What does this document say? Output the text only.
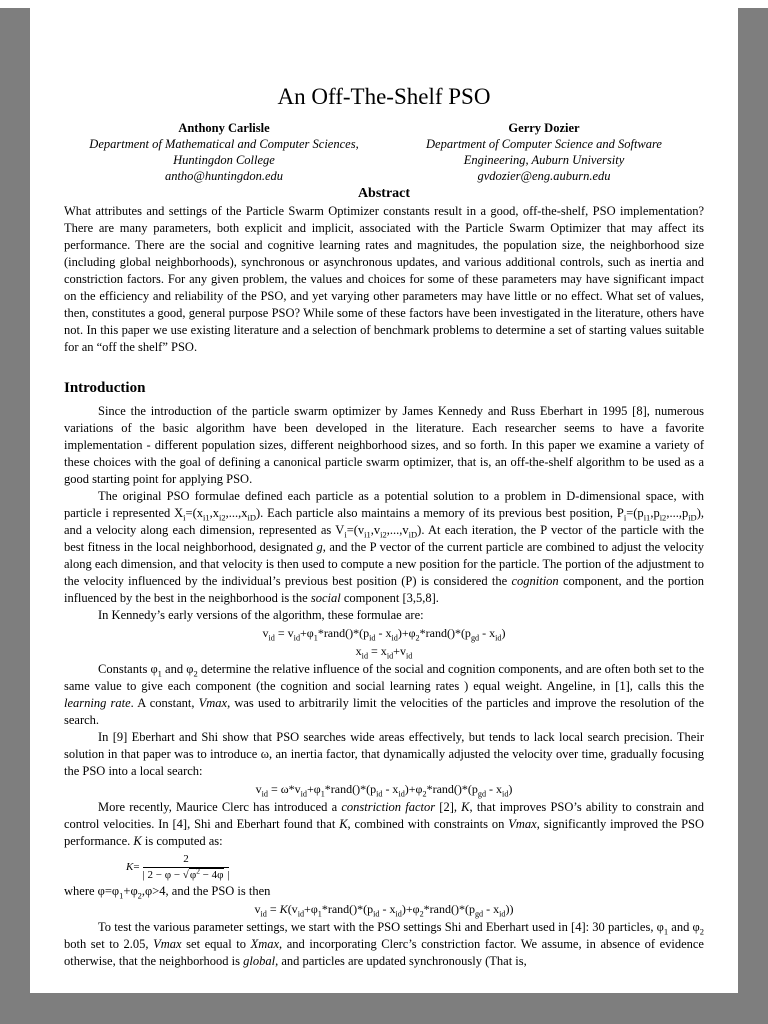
An Off-The-Shelf PSO
Anthony Carlisle
Department of Mathematical and Computer Sciences,
Huntingdon College
antho@huntingdon.edu
Gerry Dozier
Department of Computer Science and Software
Engineering, Auburn University
gvdozier@eng.auburn.edu
Abstract

What attributes and settings of the Particle Swarm Optimizer constants result in a good, off-the-shelf, PSO implementation? There are many parameters, both explicit and implicit, associated with the Particle Swarm Optimizer that may affect its performance. There are the social and cognitive learning rates and magnitudes, the population size, the neighborhood size (including global neighborhoods), synchronous or asynchronous updates, and various additional controls, such as inertia and constriction factors. For any given problem, the values and choices for some of these parameters may have significant impact on the efficiency and reliability of the PSO, and yet varying other parameters may have little or no effect. What set of values, then, constitutes a good, general purpose PSO? While some of these factors have been investigated in the literature, others have not. In this paper we use existing literature and a selection of benchmark problems to determine a set of starting values suitable for an “off the shelf” PSO.

Introduction
Since the introduction of the particle swarm optimizer by James Kennedy and Russ Eberhart in 1995 [8], numerous variations of the basic algorithm have been developed in the literature. Each researcher seems to have a favorite implementation - different population sizes, different neighborhood sizes, and so forth. In this paper we examine a variety of these choices with the goal of defining a canonical particle swarm optimizer, that is, an off-the-shelf algorithm to be used as a good starting point for applying PSO.
The original PSO formulae defined each particle as a potential solution to a problem in D-dimensional space, with particle i represented $X_i=(x_{i1},x_{i2},...,x_{iD})$. Each particle also maintains a memory of its previous best position, $P_i=(p_{i1},p_{i2},...,p_{iD})$, and a velocity along each dimension, represented as $V_i=(v_{i1},v_{i2},...,v_{iD})$. At each iteration, the P vector of the particle with the best fitness in the local neighborhood, designated g, and the P vector of the current particle are combined to adjust the velocity along each dimension, and that velocity is then used to compute a new position for the particle. The portion of the adjustment to the velocity influenced by the individual’s previous best position (P) is considered the cognition component, and the portion influenced by the best in the neighborhood is the social component [3,5,8].
In Kennedy’s early versions of the algorithm, these formulae are:
$v_{id}$ = $v_{id}+\varphi_1*rand()*(p_{id}$ - $x_{id})+\varphi_2*rand()*(p_{gd} - x_{id})$
$x_{id} = x_{id}+v_{id}$
Constants $\varphi_1$ and $\varphi_2$ determine the relative influence of the social and cognition components, and are often both set to the same value to give each component (the cognition and social learning rates ) equal weight. Angeline, in [1], calls this the learning rate. A constant, Vmax, was used to arbitrarily limit the velocities of the particles and improve the resolution of the search.
In [9] Eberhart and Shi show that PSO searches wide areas effectively, but tends to lack local search precision. Their solution in that paper was to introduce ω, an inertia factor, that dynamically adjusted the velocity over time, gradually focusing the PSO into a local search:
$v_{id}$ = $\omega*v_{id}+\varphi_1*rand()*(p_{id}$ - $x_{id})+\varphi_2*rand()*(p_{gd} - x_{id})$
More recently, Maurice Clerc has introduced a constriction factor [2], K, that improves PSO’s ability to constrain and control velocities. In [4], Shi and Eberhart found that K, combined with constraints on Vmax, significantly improved the PSO performance. K is computed as:
$K = \frac{2}{| 2 - \varphi - √\varphi^2 - 4\varphi |}$
where $\varphi=\varphi_1+\varphi_2,\varphi>4$, and the PSO is then
$v_{id}$ = $K(v_{id}+\varphi_1*rand()*(p_{id}$ - $x_{id})+\varphi_2*rand()*(p_{gd} - x_{id})$)
To test the various parameter settings, we start with the PSO settings Shi and Eberhart used in [4]: 30 particles, $\varphi_1$ and $\varphi_2$ both set to 2.05, Vmax set equal to Xmax, and incorporating Clerc’s constriction factor. We assume, in absence of evidence otherwise, that the neighborhood is global, and particles are updated synchronously (That is,
